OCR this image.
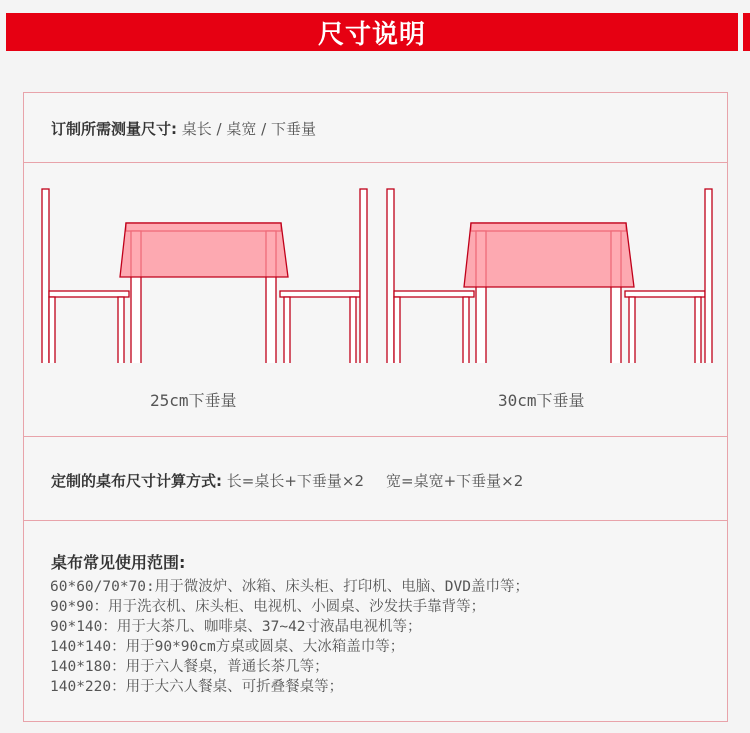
尺寸说明
订制所需测量尺寸: 桌长 / 桌宽 / 下垂量
25cm下垂量	30cm下垂量
定制的桌布尺寸计算方式: 长=桌长+下垂量×2 宽=桌宽+下垂量×2
桌布常见使用范围:
60*60/70*70:用于微波炉、冰箱、床头柜、打印机、电脑、DVD盖巾等；
90*90：用于洗衣机、床头柜、电视机、小圆桌、沙发扶手靠背等；
90*140：用于大茶几、咖啡桌、37~42寸液晶电视机等；
140*140：用于90*90cm方桌或圆桌、大冰箱盖巾等；
140*180：用于六人餐桌，普通长茶几等；
140*220：用于大六人餐桌、可折叠餐桌等；
